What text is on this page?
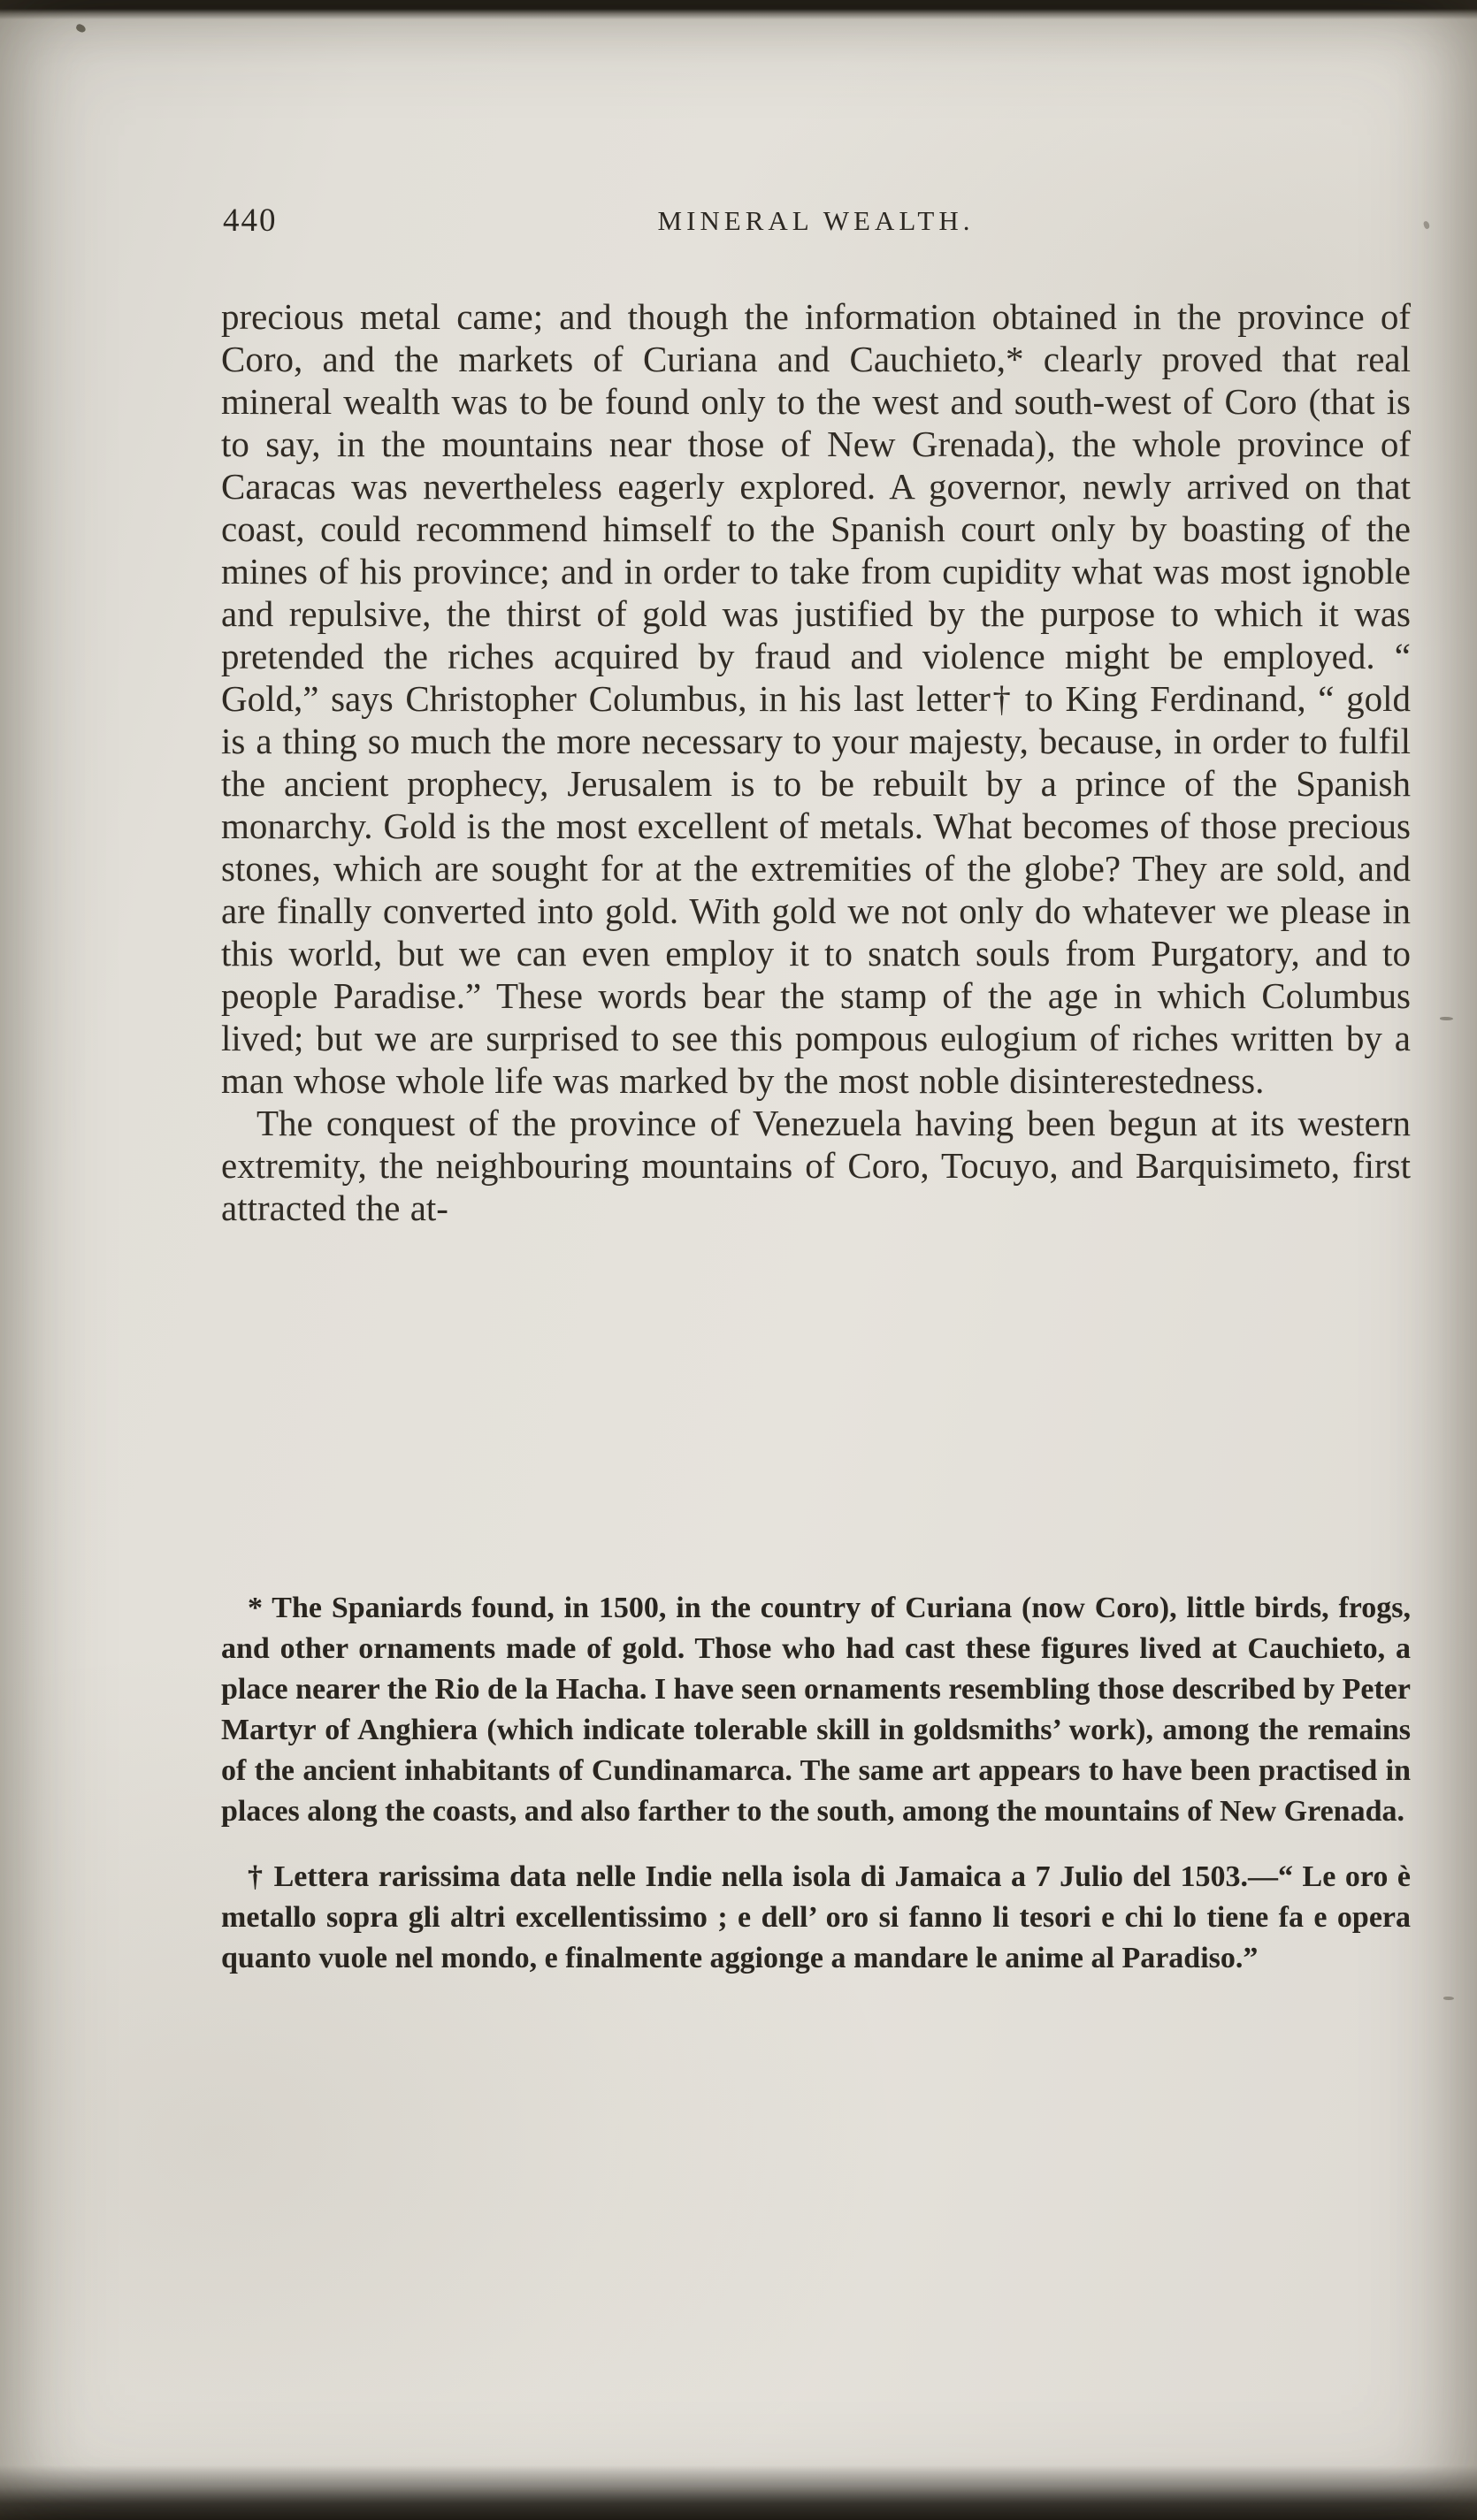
440	MINERAL WEALTH.

precious metal came; and though the information obtained in the province of Coro, and the markets of Curiana and Cauchieto,* clearly proved that real mineral wealth was to be found only to the west and south-west of Coro (that is to say, in the mountains near those of New Grenada), the whole province of Caracas was nevertheless eagerly explored. A governor, newly arrived on that coast, could recommend himself to the Spanish court only by boasting of the mines of his province; and in order to take from cupidity what was most ignoble and repulsive, the thirst of gold was justified by the purpose to which it was pretended the riches acquired by fraud and violence might be employed. “ Gold,” says Christopher Columbus, in his last letter† to King Ferdinand, “ gold is a thing so much the more necessary to your majesty, because, in order to fulfil the ancient prophecy, Jerusalem is to be rebuilt by a prince of the Spanish monarchy. Gold is the most excellent of metals. What becomes of those precious stones, which are sought for at the extremities of the globe? They are sold, and are finally converted into gold. With gold we not only do whatever we please in this world, but we can even employ it to snatch souls from Purgatory, and to people Paradise.” These words bear the stamp of the age in which Columbus lived; but we are surprised to see this pompous eulogium of riches written by a man whose whole life was marked by the most noble disinterestedness.

The conquest of the province of Venezuela having been begun at its western extremity, the neighbouring mountains of Coro, Tocuyo, and Barquisimeto, first attracted the at-

* The Spaniards found, in 1500, in the country of Curiana (now Coro), little birds, frogs, and other ornaments made of gold. Those who had cast these figures lived at Cauchieto, a place nearer the Rio de la Hacha. I have seen ornaments resembling those described by Peter Martyr of Anghiera (which indicate tolerable skill in goldsmiths’ work), among the remains of the ancient inhabitants of Cundinamarca. The same art appears to have been practised in places along the coasts, and also farther to the south, among the mountains of New Grenada.

† Lettera rarissima data nelle Indie nella isola di Jamaica a 7 Julio del 1503.—“ Le oro è metallo sopra gli altri excellentissimo ; e dell’ oro si fanno li tesori e chi lo tiene fa e opera quanto vuole nel mondo, e finalmente aggionge a mandare le anime al Paradiso.”
